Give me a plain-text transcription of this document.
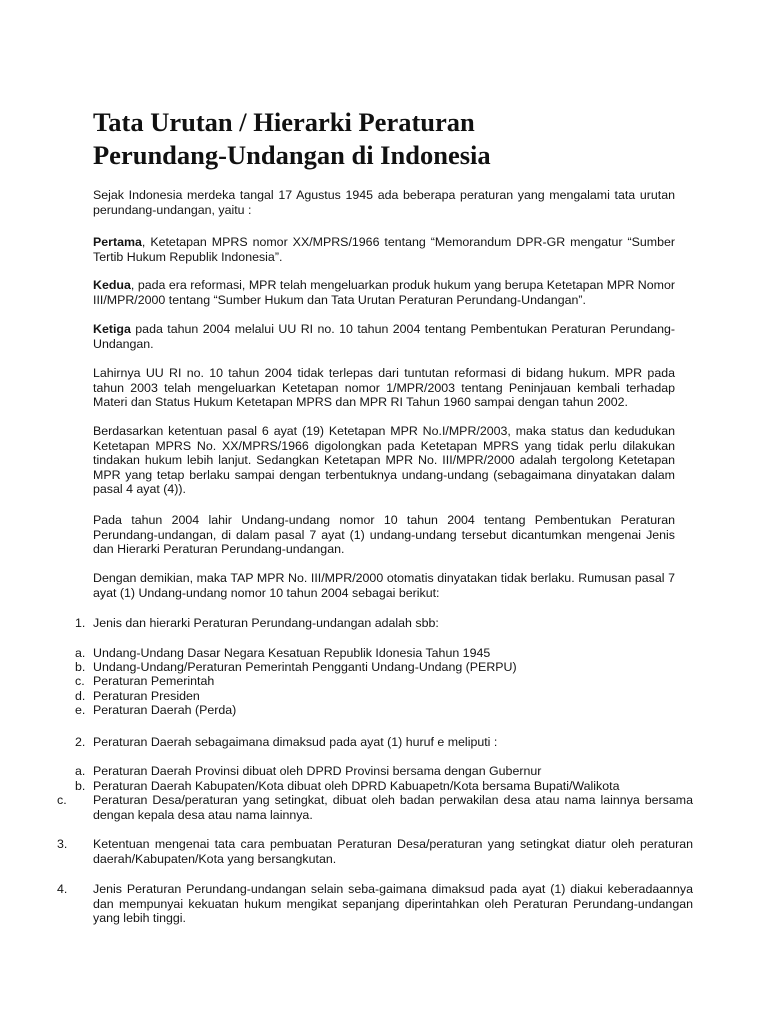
Tata Urutan / Hierarki Peraturan
Perundang-Undangan di Indonesia

Sejak Indonesia merdeka tangal 17 Agustus 1945 ada beberapa peraturan yang mengalami tata urutan perundang-undangan, yaitu :

Pertama, Ketetapan MPRS nomor XX/MPRS/1966 tentang “Memorandum DPR-GR mengatur “Sumber Tertib Hukum Republik Indonesia”.

Kedua, pada era reformasi, MPR telah mengeluarkan produk hukum yang berupa Ketetapan MPR Nomor III/MPR/2000 tentang “Sumber Hukum dan Tata Urutan Peraturan Perundang-Undangan”.

Ketiga pada tahun 2004 melalui UU RI no. 10 tahun 2004 tentang Pembentukan Peraturan Perundang-Undangan.

Lahirnya UU RI no. 10 tahun 2004 tidak terlepas dari tuntutan reformasi di bidang hukum. MPR pada tahun 2003 telah mengeluarkan Ketetapan nomor 1/MPR/2003 tentang Peninjauan kembali terhadap Materi dan Status Hukum Ketetapan MPRS dan MPR RI Tahun 1960 sampai dengan tahun 2002.

Berdasarkan ketentuan pasal 6 ayat (19) Ketetapan MPR No.I/MPR/2003, maka status dan kedudukan Ketetapan MPRS No. XX/MPRS/1966 digolongkan pada Ketetapan MPRS yang tidak perlu dilakukan tindakan hukum lebih lanjut. Sedangkan Ketetapan MPR No. III/MPR/2000 adalah tergolong Ketetapan MPR yang tetap berlaku sampai dengan terbentuknya undang-undang (sebagaimana dinyatakan dalam pasal 4 ayat (4)).

Pada tahun 2004 lahir Undang-undang nomor 10 tahun 2004 tentang Pembentukan Peraturan Perundang-undangan, di dalam pasal 7 ayat (1) undang-undang tersebut dicantumkan mengenai Jenis dan Hierarki Peraturan Perundang-undangan.

Dengan demikian, maka TAP MPR No. III/MPR/2000 otomatis dinyatakan tidak berlaku. Rumusan pasal 7 ayat (1) Undang-undang nomor 10 tahun 2004 sebagai berikut:

1. Jenis dan hierarki Peraturan Perundang-undangan adalah sbb:

a. Undang-Undang Dasar Negara Kesatuan Republik Idonesia Tahun 1945

b. Undang-Undang/Peraturan Pemerintah Pengganti Undang-Undang (PERPU)

c. Peraturan Pemerintah

d. Peraturan Presiden

e. Peraturan Daerah (Perda)

2. Peraturan Daerah sebagaimana dimaksud pada ayat (1) huruf e meliputi :

a. Peraturan Daerah Provinsi dibuat oleh DPRD Provinsi bersama dengan Gubernur

b. Peraturan Daerah Kabupaten/Kota dibuat oleh DPRD Kabuapetn/Kota bersama Bupati/Walikota

c. Peraturan Desa/peraturan yang setingkat, dibuat oleh badan perwakilan desa atau nama lainnya bersama dengan kepala desa atau nama lainnya.

3. Ketentuan mengenai tata cara pembuatan Peraturan Desa/peraturan yang setingkat diatur oleh peraturan daerah/Kabupaten/Kota yang bersangkutan.

4. Jenis Peraturan Perundang-undangan selain seba-gaimana dimaksud pada ayat (1) diakui keberadaannya dan mempunyai kekuatan hukum mengikat sepanjang diperintahkan oleh Peraturan Perundang-undangan yang lebih tinggi.
